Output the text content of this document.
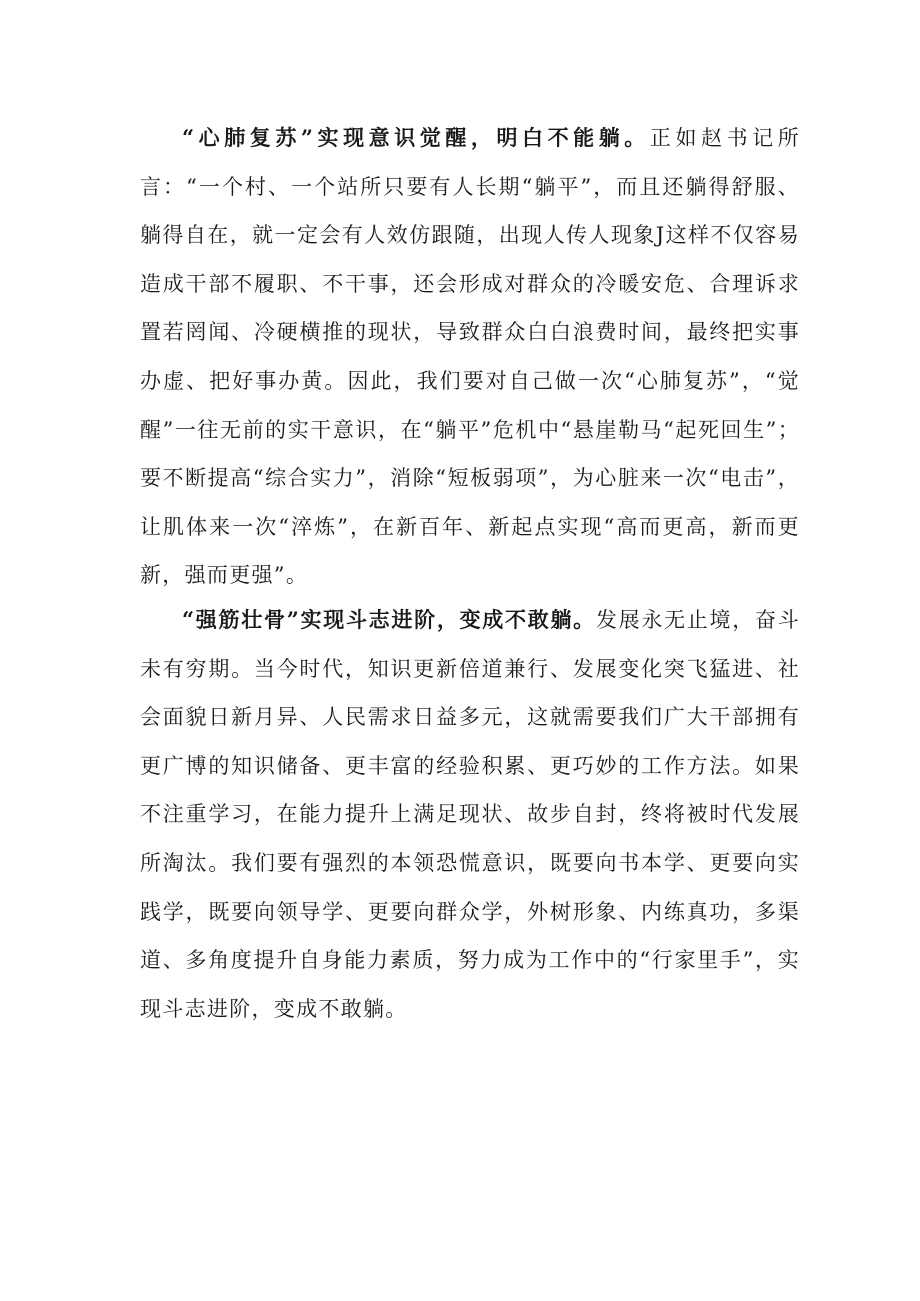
“心肺复苏”实现意识觉醒，明白不能躺。正如赵书记所言：“一个村、一个站所只要有人长期“躺平”，而且还躺得舒服、躺得自在，就一定会有人效仿跟随，出现人传人现象J这样不仅容易造成干部不履职、不干事，还会形成对群众的冷暖安危、合理诉求置若罔闻、冷硬横推的现状，导致群众白白浪费时间，最终把实事办虚、把好事办黄。因此，我们要对自己做一次“心肺复苏”，“觉醒”一往无前的实干意识，在“躺平”危机中“悬崖勒马“起死回生”；要不断提高“综合实力”，消除“短板弱项”，为心脏来一次“电击”，让肌体来一次“淬炼”，在新百年、新起点实现“高而更高，新而更新，强而更强”。

“强筋壮骨”实现斗志进阶，变成不敢躺。发展永无止境，奋斗未有穷期。当今时代，知识更新倍道兼行、发展变化突飞猛进、社会面貌日新月异、人民需求日益多元，这就需要我们广大干部拥有更广博的知识储备、更丰富的经验积累、更巧妙的工作方法。如果不注重学习，在能力提升上满足现状、故步自封，终将被时代发展所淘汰。我们要有强烈的本领恐慌意识，既要向书本学、更要向实践学，既要向领导学、更要向群众学，外树形象、内练真功，多渠道、多角度提升自身能力素质，努力成为工作中的“行家里手”，实现斗志进阶，变成不敢躺。
